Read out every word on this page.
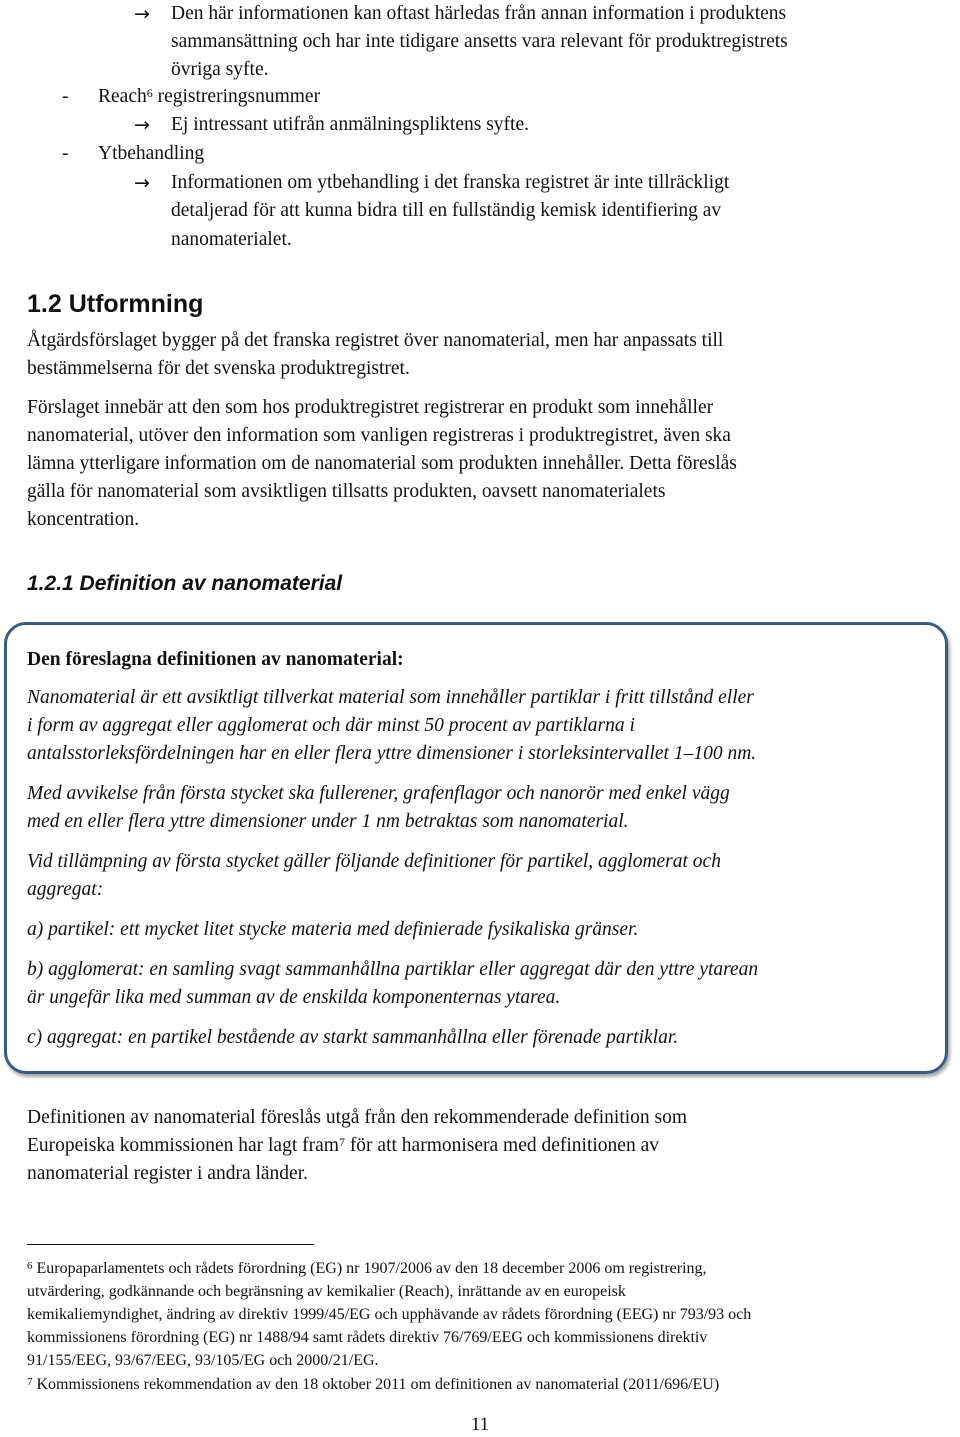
→ Den här informationen kan oftast härledas från annan information i produktens
sammansättning och har inte tidigare ansetts vara relevant för produktregistrets
övriga syfte.
- Reach$^6$ registreringsnummer
→ Ej intressant utifrån anmälningspliktens syfte.
- Ytbehandling
→ Informationen om ytbehandling i det franska registret är inte tillräckligt
detaljerad för att kunna bidra till en fullständig kemisk identifiering av
nanomaterialet.
1.2 Utformning
Åtgärdsförslaget bygger på det franska registret över nanomaterial, men har anpassats till
bestämmelserna för det svenska produktregistret.
Förslaget innebär att den som hos produktregistret registrerar en produkt som innehåller
nanomaterial, utöver den information som vanligen registreras i produktregistret, även ska
lämna ytterligare information om de nanomaterial som produkten innehåller. Detta föreslås
gälla för nanomaterial som avsiktligen tillsatts produkten, oavsett nanomaterialets
koncentration.
1.2.1 Definition av nanomaterial
Den föreslagna definitionen av nanomaterial:
Nanomaterial är ett avsiktligt tillverkat material som innehåller partiklar i fritt tillstånd eller
i form av aggregat eller agglomerat och där minst 50 procent av partiklarna i
antalsstorleksfördelningen har en eller flera yttre dimensioner i storleksintervallet 1–100 nm.
Med avvikelse från första stycket ska fullerener, grafenflagor och nanorör med enkel vägg
med en eller flera yttre dimensioner under 1 nm betraktas som nanomaterial.
Vid tillämpning av första stycket gäller följande definitioner för partikel, agglomerat och
aggregat:
a) partikel: ett mycket litet stycke materia med definierade fysikaliska gränser.
b) agglomerat: en samling svagt sammanhållna partiklar eller aggregat där den yttre ytarean
är ungefär lika med summan av de enskilda komponenternas ytarea.
c) aggregat: en partikel bestående av starkt sammanhållna eller förenade partiklar.
Definitionen av nanomaterial föreslås utgå från den rekommenderade definition som
Europeiska kommissionen har lagt fram$^7$ för att harmonisera med definitionen av
nanomaterial register i andra länder.
$^6$ Europaparlamentets och rådets förordning (EG) nr 1907/2006 av den 18 december 2006 om registrering,
utvärdering, godkännande och begränsning av kemikalier (Reach), inrättande av en europeisk
kemikaliemyndighet, ändring av direktiv 1999/45/EG och upphävande av rådets förordning (EEG) nr 793/93 och
kommissionens förordning (EG) nr 1488/94 samt rådets direktiv 76/769/EEG och kommissionens direktiv
91/155/EEG, 93/67/EEG, 93/105/EG och 2000/21/EG.
$^7$ Kommissionens rekommendation av den 18 oktober 2011 om definitionen av nanomaterial (2011/696/EU)
11
